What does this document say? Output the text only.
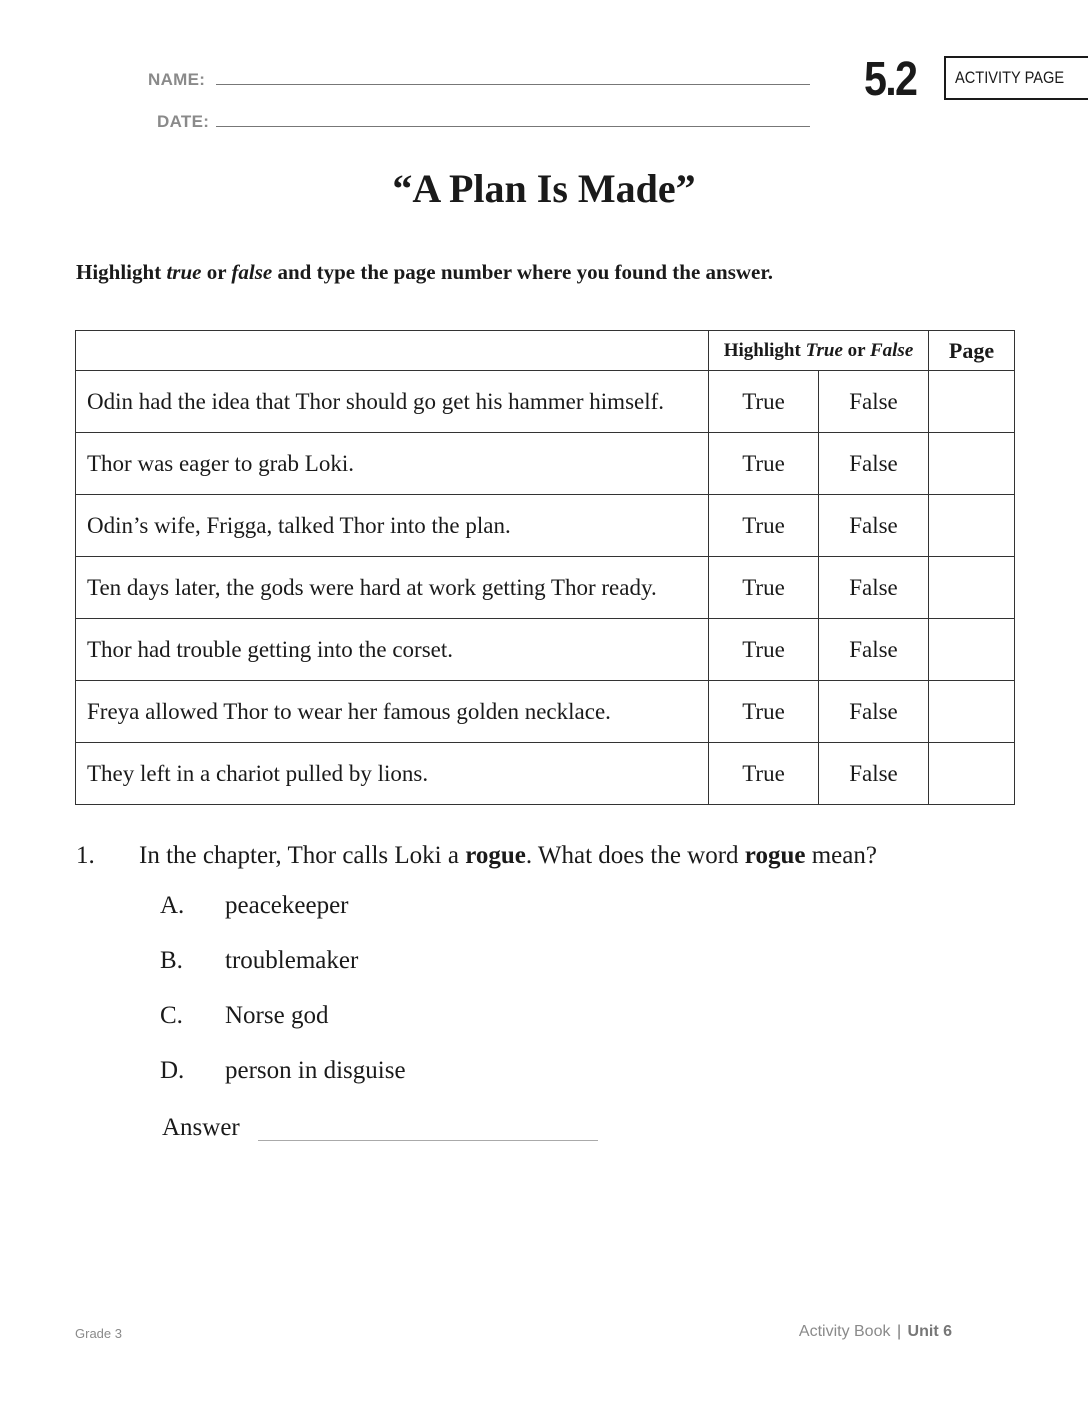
NAME:
DATE:
5.2 ACTIVITY PAGE
“A Plan Is Made”
Highlight true or false and type the page number where you found the answer.
	Highlight True or False		Page
Odin had the idea that Thor should go get his hammer himself.	True	False	
Thor was eager to grab Loki.	True	False	
Odin’s wife, Frigga, talked Thor into the plan.	True	False	
Ten days later, the gods were hard at work getting Thor ready.	True	False	
Thor had trouble getting into the corset.	True	False	
Freya allowed Thor to wear her famous golden necklace.	True	False	
They left in a chariot pulled by lions.	True	False	
1. In the chapter, Thor calls Loki a rogue. What does the word rogue mean?
A. peacekeeper
B. troublemaker
C. Norse god
D. person in disguise
Answer
Grade 3	Activity Book | Unit 6
